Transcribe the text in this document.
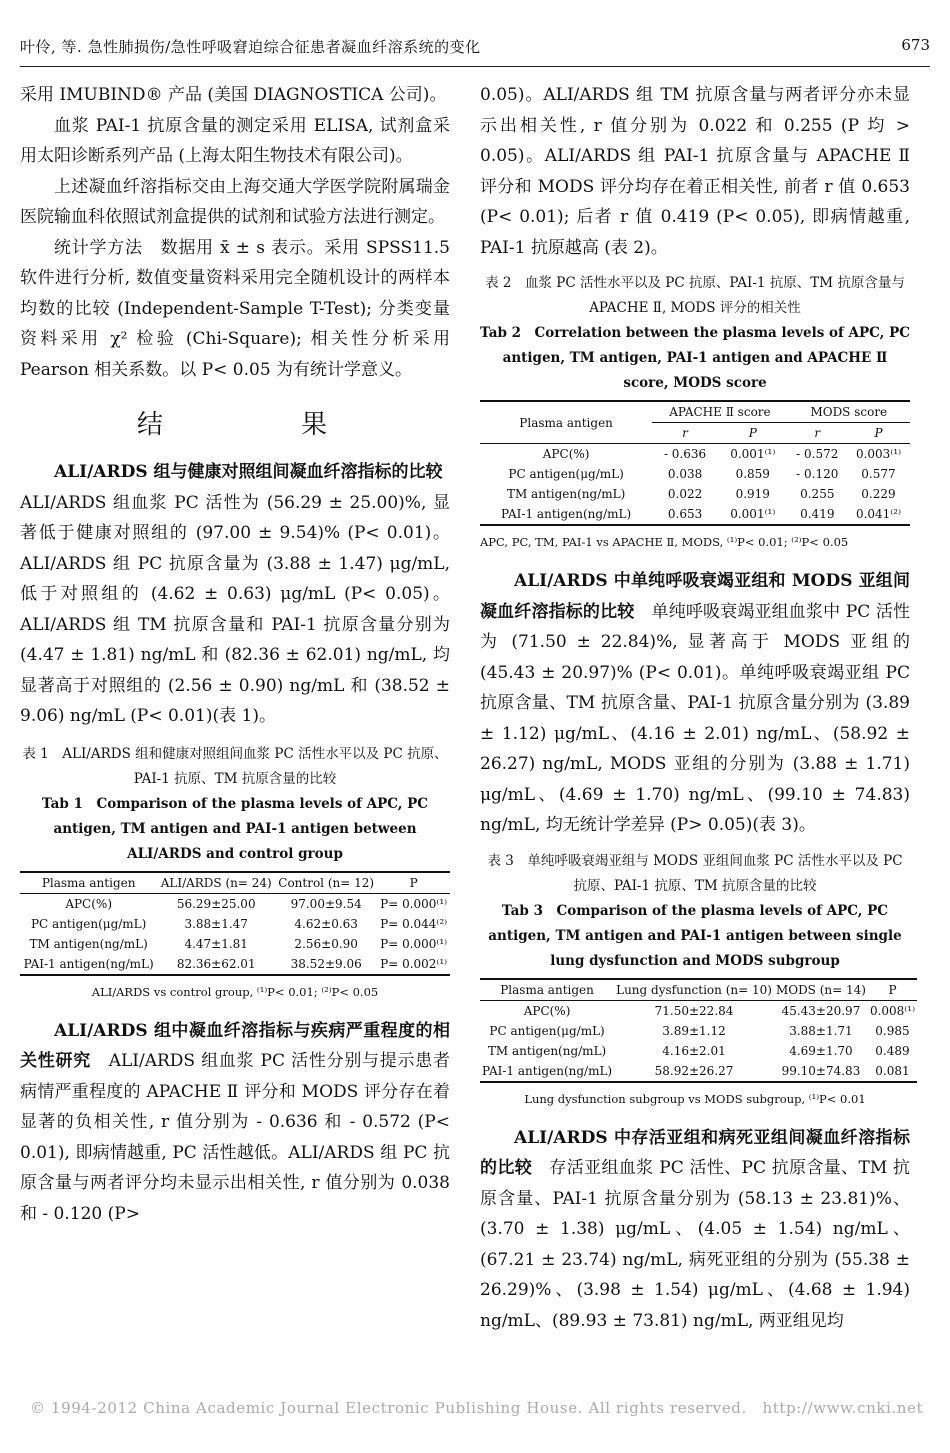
叶伶, 等. 急性肺损伤/急性呼吸窘迫综合征患者凝血纤溶系统的变化	673

采用 IMUBIND® 产品 (美国 DIAGNOSTICA 公司)。

血浆 PAI-1 抗原含量的测定采用 ELISA, 试剂盒采用太阳诊断系列产品 (上海太阳生物技术有限公司)。

上述凝血纤溶指标交由上海交通大学医学院附属瑞金医院输血科依照试剂盒提供的试剂和试验方法进行测定。

统计学方法　数据用 x̄ ± s 表示。采用 SPSS11.5 软件进行分析, 数值变量资料采用完全随机设计的两样本均数的比较 (Independent-Sample T-Test); 分类变量资料采用 χ² 检验 (Chi-Square); 相关性分析采用 Pearson 相关系数。以 P< 0.05 为有统计学意义。

结　果

ALI/ARDS 组与健康对照组间凝血纤溶指标的比较　ALI/ARDS 组血浆 PC 活性为 (56.29 ± 25.00)%, 显著低于健康对照组的 (97.00 ± 9.54)% (P< 0.01)。ALI/ARDS 组 PC 抗原含量为 (3.88 ± 1.47) μg/mL, 低于对照组的 (4.62 ± 0.63) μg/mL (P< 0.05)。ALI/ARDS 组 TM 抗原含量和 PAI-1 抗原含量分别为 (4.47 ± 1.81) ng/mL 和 (82.36 ± 62.01) ng/mL, 均显著高于对照组的 (2.56 ± 0.90) ng/mL 和 (38.52 ± 9.06) ng/mL (P< 0.01)(表 1)。

表 1　ALI/ARDS 组和健康对照组间血浆 PC 活性水平以及 PC 抗原、PAI-1 抗原、TM 抗原含量的比较
Tab 1　Comparison of the plasma levels of APC, PC antigen, TM antigen and PAI-1 antigen between ALI/ARDS and control group
Plasma antigen	ALI/ARDS (n= 24)	Control (n= 12)	P
APC(%)	56.29±25.00	97.00±9.54	P= 0.000⁽¹⁾
PC antigen(μg/mL)	3.88±1.47	4.62±0.63	P= 0.044⁽²⁾
TM antigen(ng/mL)	4.47±1.81	2.56±0.90	P= 0.000⁽¹⁾
PAI-1 antigen(ng/mL)	82.36±62.01	38.52±9.06	P= 0.002⁽¹⁾
ALI/ARDS vs control group, ⁽¹⁾P< 0.01; ⁽²⁾P< 0.05

ALI/ARDS 组中凝血纤溶指标与疾病严重程度的相关性研究　ALI/ARDS 组血浆 PC 活性分别与提示患者病情严重程度的 APACHE Ⅱ 评分和 MODS 评分存在着显著的负相关性, r 值分别为 - 0.636 和 - 0.572 (P< 0.01), 即病情越重, PC 活性越低。ALI/ARDS 组 PC 抗原含量与两者评分均未显示出相关性, r 值分别为 0.038 和 - 0.120 (P>

0.05)。ALI/ARDS 组 TM 抗原含量与两者评分亦未显示出相关性, r 值分别为 0.022 和 0.255 (P 均 > 0.05)。ALI/ARDS 组 PAI-1 抗原含量与 APACHE Ⅱ 评分和 MODS 评分均存在着正相关性, 前者 r 值 0.653 (P< 0.01); 后者 r 值 0.419 (P< 0.05), 即病情越重, PAI-1 抗原越高 (表 2)。

表 2　血浆 PC 活性水平以及 PC 抗原、PAI-1 抗原、TM 抗原含量与 APACHE Ⅱ, MODS 评分的相关性
Tab 2　Correlation between the plasma levels of APC, PC antigen, TM antigen, PAI-1 antigen and APACHE Ⅱ score, MODS score
Plasma antigen	APACHE Ⅱ score		MODS score	
	r	P	r	P
APC(%)	- 0.636	0.001⁽¹⁾	- 0.572	0.003⁽¹⁾
PC antigen(μg/mL)	0.038	0.859	- 0.120	0.577
TM antigen(ng/mL)	0.022	0.919	0.255	0.229
PAI-1 antigen(ng/mL)	0.653	0.001⁽¹⁾	0.419	0.041⁽²⁾
APC, PC, TM, PAI-1 vs APACHE Ⅱ, MODS, ⁽¹⁾P< 0.01; ⁽²⁾P< 0.05

ALI/ARDS 中单纯呼吸衰竭亚组和 MODS 亚组间凝血纤溶指标的比较　单纯呼吸衰竭亚组血浆中 PC 活性为 (71.50 ± 22.84)%, 显著高于 MODS 亚组的 (45.43 ± 20.97)% (P< 0.01)。单纯呼吸衰竭亚组 PC 抗原含量、TM 抗原含量、PAI-1 抗原含量分别为 (3.89 ± 1.12) μg/mL、(4.16 ± 2.01) ng/mL、(58.92 ± 26.27) ng/mL, MODS 亚组的分别为 (3.88 ± 1.71) μg/mL、(4.69 ± 1.70) ng/mL、(99.10 ± 74.83) ng/mL, 均无统计学差异 (P> 0.05)(表 3)。

表 3　单纯呼吸衰竭亚组与 MODS 亚组间血浆 PC 活性水平以及 PC 抗原、PAI-1 抗原、TM 抗原含量的比较
Tab 3　Comparison of the plasma levels of APC, PC antigen, TM antigen and PAI-1 antigen between single lung dysfunction and MODS subgroup
Plasma antigen	Lung dysfunction (n= 10)	MODS (n= 14)	P
APC(%)	71.50±22.84	45.43±20.97	0.008⁽¹⁾
PC antigen(μg/mL)	3.89±1.12	3.88±1.71	0.985
TM antigen(ng/mL)	4.16±2.01	4.69±1.70	0.489
PAI-1 antigen(ng/mL)	58.92±26.27	99.10±74.83	0.081
Lung dysfunction subgroup vs MODS subgroup, ⁽¹⁾P< 0.01

ALI/ARDS 中存活亚组和病死亚组间凝血纤溶指标的比较　存活亚组血浆 PC 活性、PC 抗原含量、TM 抗原含量、PAI-1 抗原含量分别为 (58.13 ± 23.81)%、(3.70 ± 1.38) μg/mL、(4.05 ± 1.54) ng/mL、(67.21 ± 23.74) ng/mL, 病死亚组的分别为 (55.38 ± 26.29)%、(3.98 ± 1.54) μg/mL、(4.68 ± 1.94) ng/mL、(89.93 ± 73.81) ng/mL, 两亚组见均

© 1994-2012 China Academic Journal Electronic Publishing House. All rights reserved.　http://www.cnki.net
